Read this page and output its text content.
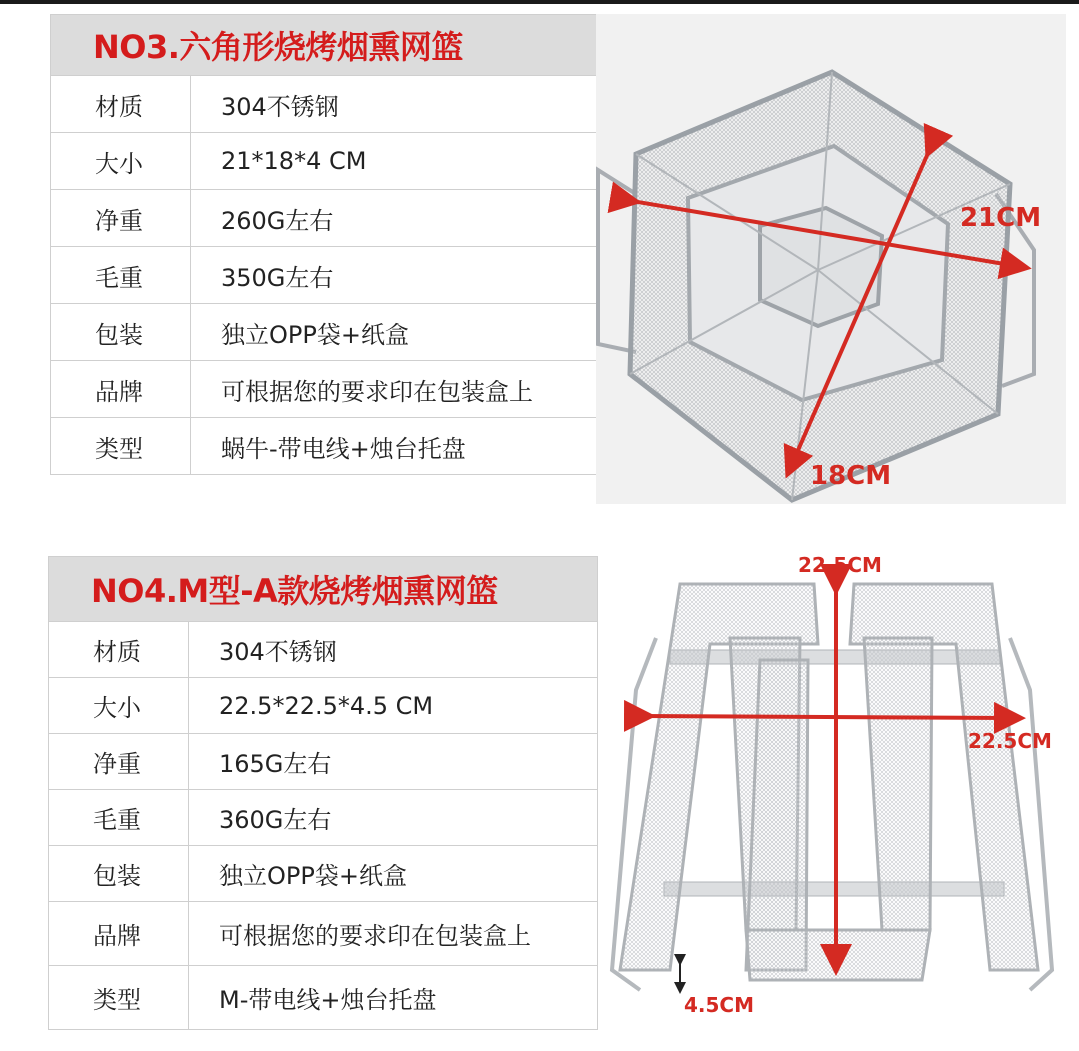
NO3.六角形烧烤烟熏网篮
材质	304不锈钢
大小	21*18*4 CM
净重	260G左右
毛重	350G左右
包装	独立OPP袋+纸盒
品牌	可根据您的要求印在包装盒上
类型	蜗牛-带电线+烛台托盘
21CM
18CM
NO4.M型-A款烧烤烟熏网篮
材质	304不锈钢
大小	22.5*22.5*4.5 CM
净重	165G左右
毛重	360G左右
包装	独立OPP袋+纸盒
品牌	可根据您的要求印在包装盒上
类型	M-带电线+烛台托盘
22.5CM
22.5CM
4.5CM
